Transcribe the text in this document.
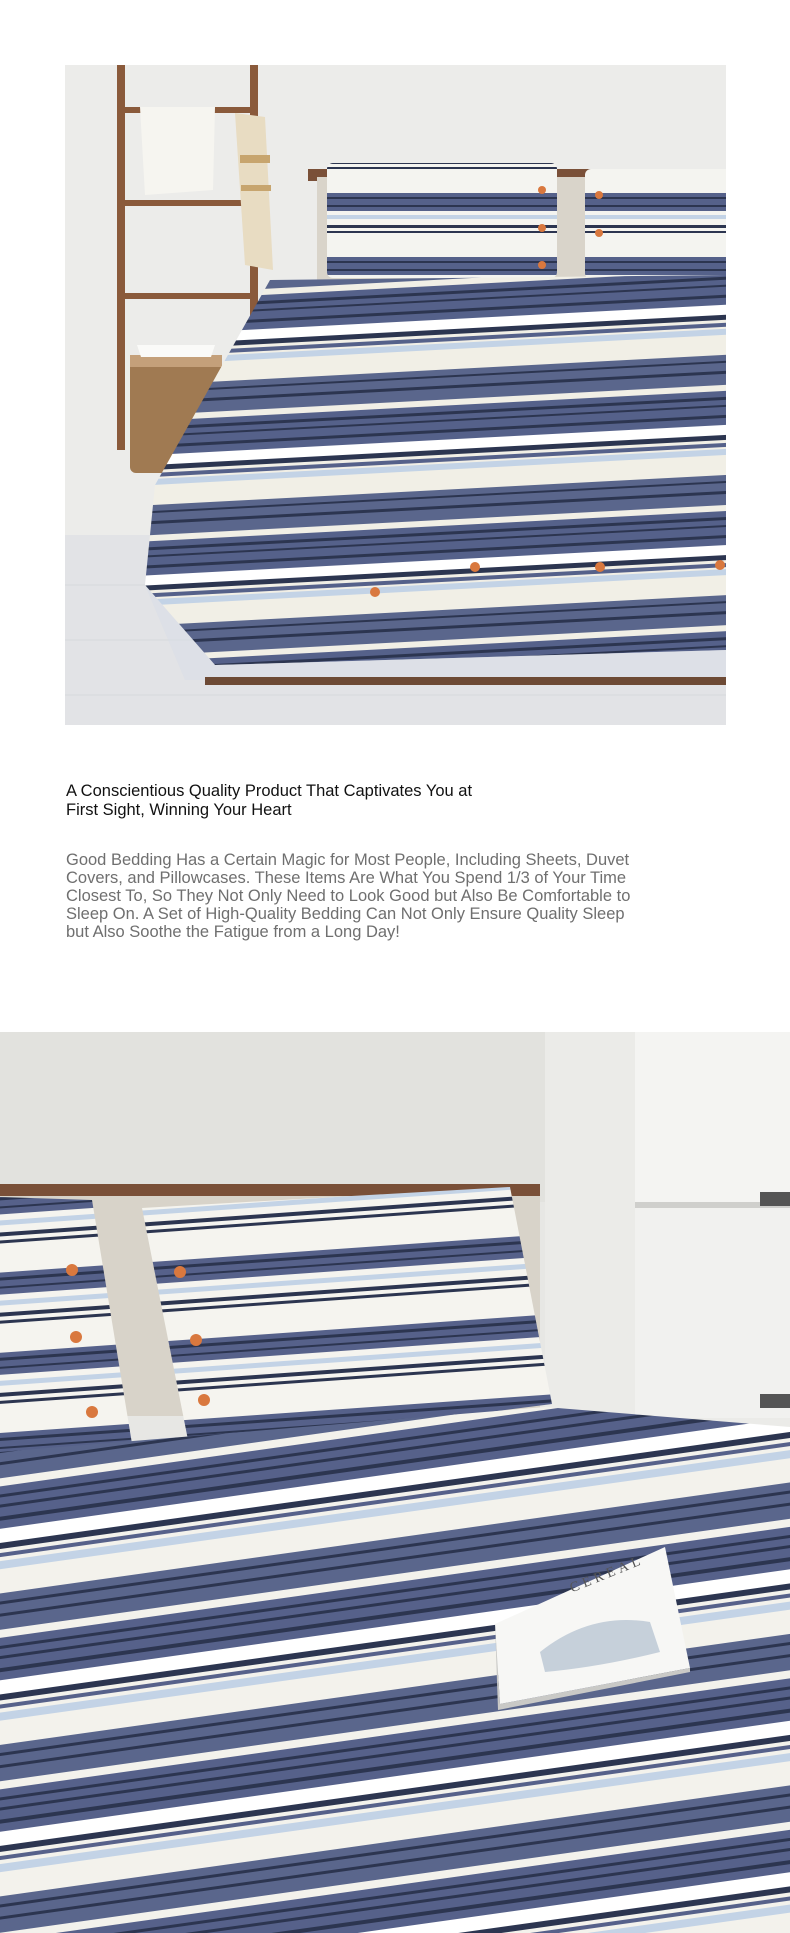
A Conscientious Quality Product That Captivates You at First Sight, Winning Your Heart

Good Bedding Has a Certain Magic for Most People, Including Sheets, Duvet Covers, and Pillowcases. These Items Are What You Spend 1/3 of Your Time Closest To, So They Not Only Need to Look Good but Also Be Comfortable to Sleep On. A Set of High-Quality Bedding Can Not Only Ensure Quality Sleep but Also Soothe the Fatigue from a Long Day!

CEREAL
